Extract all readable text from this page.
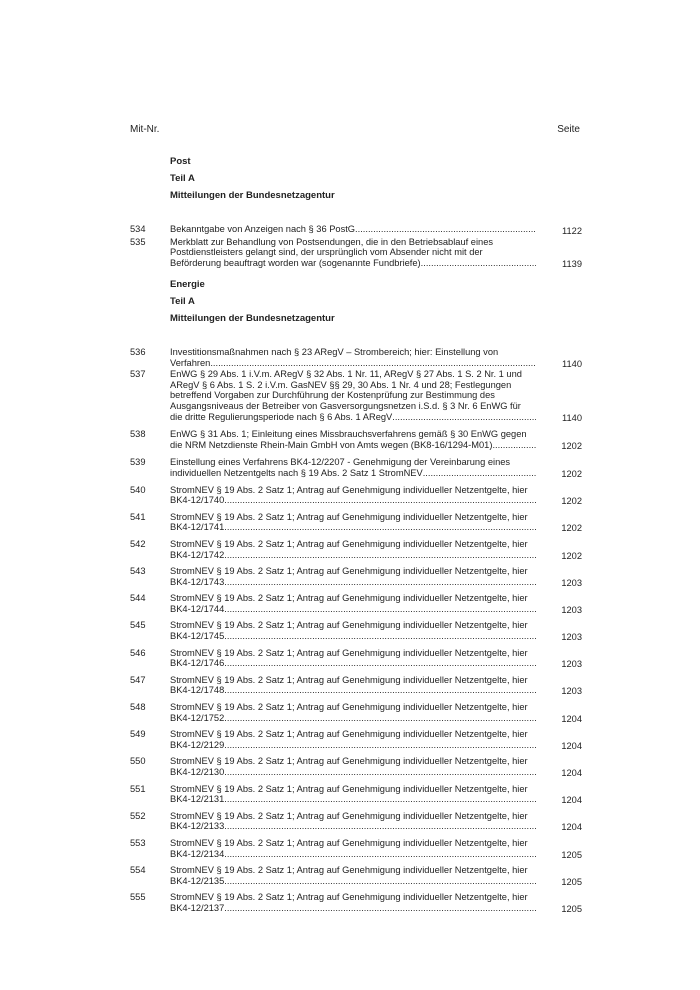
Mit-Nr.	Seite
Post
Teil A
Mitteilungen der Bundesnetzagentur
534	Bekanntgabe von Anzeigen nach § 36 PostG .....	1122
535	Merkblatt zur Behandlung von Postsendungen, die in den Betriebsablauf eines
Postdienstleisters gelangt sind, der ursprünglich vom Absender nicht mit der
Beförderung beauftragt worden war (sogenannte Fundbriefe) .....	1139
Energie
Teil A
Mitteilungen der Bundesnetzagentur
536	Investitionsmaßnahmen nach § 23 ARegV – Strombereich; hier: Einstellung von
Verfahren .....	1140
537	EnWG § 29 Abs. 1 i.V.m. ARegV § 32 Abs. 1 Nr. 11, ARegV § 27 Abs. 1 S. 2 Nr. 1 und
ARegV § 6 Abs. 1 S. 2 i.V.m. GasNEV §§ 29, 30 Abs. 1 Nr. 4 und 28; Festlegungen
betreffend Vorgaben zur Durchführung der Kostenprüfung zur Bestimmung des
Ausgangsniveaus der Betreiber von Gasversorgungsnetzen i.S.d. § 3 Nr. 6 EnWG für
die dritte Regulierungsperiode nach § 6 Abs. 1 ARegV .....	1140
538	EnWG § 31 Abs. 1; Einleitung eines Missbrauchsverfahrens gemäß § 30 EnWG gegen
die NRM Netzdienste Rhein-Main GmbH von Amts wegen (BK8-16/1294-M01) .....	1202
539	Einstellung eines Verfahrens BK4-12/2207 - Genehmigung der Vereinbarung eines
individuellen Netzentgelts nach § 19 Abs. 2 Satz 1 StromNEV .....	1202
540	StromNEV § 19 Abs. 2 Satz 1; Antrag auf Genehmigung individueller Netzentgelte, hier
BK4-12/1740 .....	1202
541	StromNEV § 19 Abs. 2 Satz 1; Antrag auf Genehmigung individueller Netzentgelte, hier
BK4-12/1741 .....	1202
542	StromNEV § 19 Abs. 2 Satz 1; Antrag auf Genehmigung individueller Netzentgelte, hier
BK4-12/1742 .....	1202
543	StromNEV § 19 Abs. 2 Satz 1; Antrag auf Genehmigung individueller Netzentgelte, hier
BK4-12/1743 .....	1203
544	StromNEV § 19 Abs. 2 Satz 1; Antrag auf Genehmigung individueller Netzentgelte, hier
BK4-12/1744 .....	1203
545	StromNEV § 19 Abs. 2 Satz 1; Antrag auf Genehmigung individueller Netzentgelte, hier
BK4-12/1745 .....	1203
546	StromNEV § 19 Abs. 2 Satz 1; Antrag auf Genehmigung individueller Netzentgelte, hier
BK4-12/1746 .....	1203
547	StromNEV § 19 Abs. 2 Satz 1; Antrag auf Genehmigung individueller Netzentgelte, hier
BK4-12/1748 .....	1203
548	StromNEV § 19 Abs. 2 Satz 1; Antrag auf Genehmigung individueller Netzentgelte, hier
BK4-12/1752 .....	1204
549	StromNEV § 19 Abs. 2 Satz 1; Antrag auf Genehmigung individueller Netzentgelte, hier
BK4-12/2129 .....	1204
550	StromNEV § 19 Abs. 2 Satz 1; Antrag auf Genehmigung individueller Netzentgelte, hier
BK4-12/2130 .....	1204
551	StromNEV § 19 Abs. 2 Satz 1; Antrag auf Genehmigung individueller Netzentgelte, hier
BK4-12/2131 .....	1204
552	StromNEV § 19 Abs. 2 Satz 1; Antrag auf Genehmigung individueller Netzentgelte, hier
BK4-12/2133 .....	1204
553	StromNEV § 19 Abs. 2 Satz 1; Antrag auf Genehmigung individueller Netzentgelte, hier
BK4-12/2134 .....	1205
554	StromNEV § 19 Abs. 2 Satz 1; Antrag auf Genehmigung individueller Netzentgelte, hier
BK4-12/2135 .....	1205
555	StromNEV § 19 Abs. 2 Satz 1; Antrag auf Genehmigung individueller Netzentgelte, hier
BK4-12/2137 .....	1205
